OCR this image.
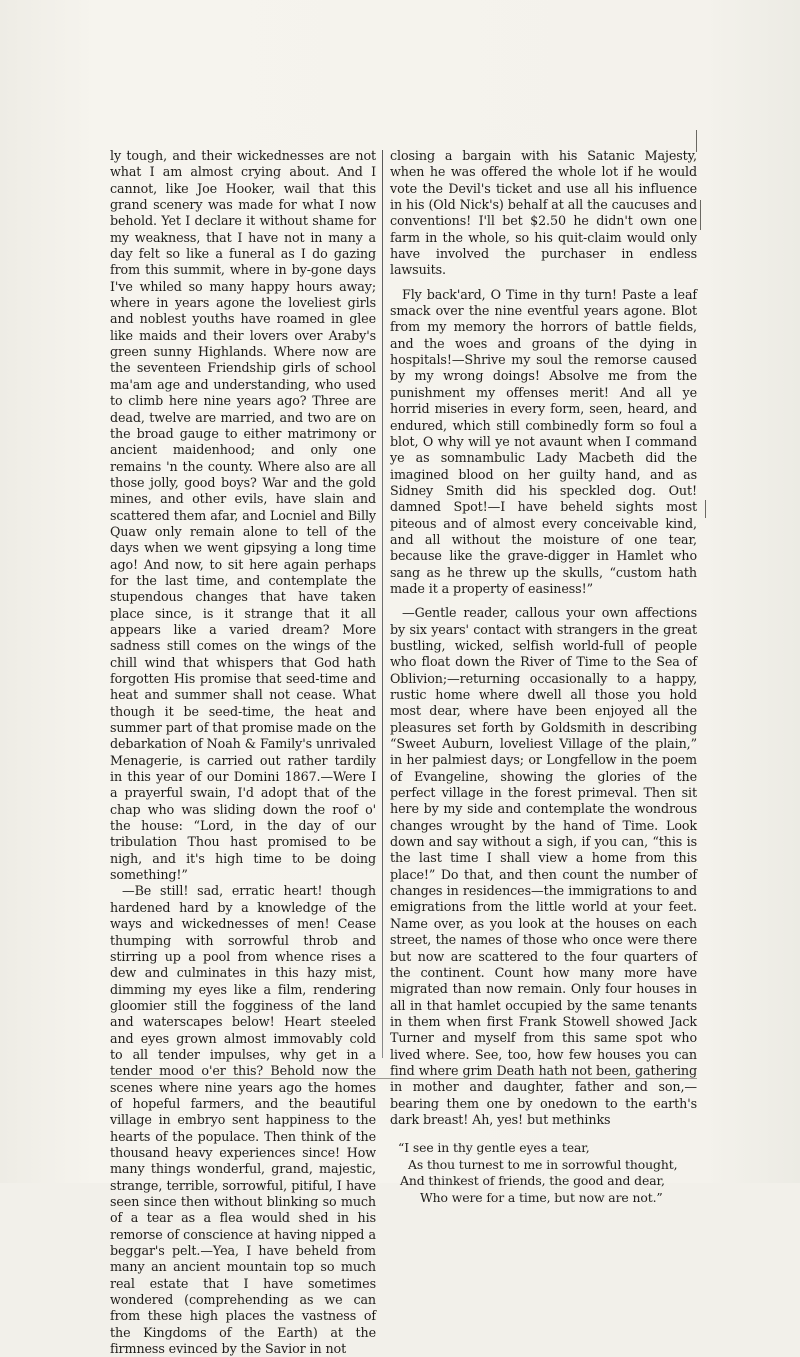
ly tough, and their wickednesses are not what I am almost crying about. And I cannot, like Joe Hooker, wail that this grand scenery was made for what I now behold. Yet I declare it without shame for my weakness, that I have not in many a day felt so like a funeral as I do gazing from this summit, where in by-gone days I've whiled so many happy hours away; where in years agone the loveliest girls and noblest youths have roamed in glee like maids and their lovers over Araby's green sunny Highlands. Where now are the seventeen Friendship girls of school ma'am age and understanding, who used to climb here nine years ago? Three are dead, twelve are married, and two are on the broad gauge to either matrimony or ancient maidenhood; and only one remains 'n the county. Where also are all those jolly, good boys? War and the gold mines, and other evils, have slain and scattered them afar, and Locniel and Billy Quaw only remain alone to tell of the days when we went gipsying a long time ago! And now, to sit here again perhaps for the last time, and contemplate the stupendous changes that have taken place since, is it strange that it all appears like a varied dream? More sadness still comes on the wings of the chill wind that whispers that God hath forgotten His promise that seed-time and heat and summer shall not cease. What though it be seed-time, the heat and summer part of that promise made on the debarkation of Noah & Family's unrivaled Menagerie, is carried out rather tardily in this year of our Domini 1867.—Were I a prayerful swain, I'd adopt that of the chap who was sliding down the roof o' the house: “Lord, in the day of our tribulation Thou hast promised to be nigh, and it's high time to be doing something!”

—Be still! sad, erratic heart! though hardened hard by a knowledge of the ways and wickednesses of men! Cease thumping with sorrowful throb and stirring up a pool from whence rises a dew and culminates in this hazy mist, dimming my eyes like a film, rendering gloomier still the fogginess of the land and waterscapes below! Heart steeled and eyes grown almost immovably cold to all tender impulses, why get in a tender mood o'er this? Behold now the scenes where nine years ago the homes of hopeful farmers, and the beautiful village in embryo sent happiness to the hearts of the populace. Then think of the thousand heavy experiences since! How many things wonderful, grand, majestic, strange, terrible, sorrowful, pitiful, I have seen since then without blinking so much of a tear as a flea would shed in his remorse of conscience at having nipped a beggar's pelt.—Yea, I have beheld from many an ancient mountain top so much real estate that I have sometimes wondered (comprehending as we can from these high places the vastness of the Kingdoms of the Earth) at the firmness evinced by the Savior in not

closing a bargain with his Satanic Majesty, when he was offered the whole lot if he would vote the Devil's ticket and use all his influence in his (Old Nick's) behalf at all the caucuses and conventions! I'll bet $2.50 he didn't own one farm in the whole, so his quit-claim would only have involved the purchaser in endless lawsuits.

Fly back'ard, O Time in thy turn! Paste a leaf smack over the nine eventful years agone. Blot from my memory the horrors of battle fields, and the woes and groans of the dying in hospitals!—Shrive my soul the remorse caused by my wrong doings! Absolve me from the punishment my offenses merit! And all ye horrid miseries in every form, seen, heard, and endured, which still combinedly form so foul a blot, O why will ye not avaunt when I command ye as somnambulic Lady Macbeth did the imagined blood on her guilty hand, and as Sidney Smith did his speckled dog. Out! damned Spot!—I have beheld sights most piteous and of almost every conceivable kind, and all without the moisture of one tear, because like the grave-digger in Hamlet who sang as he threw up the skulls, “custom hath made it a property of easiness!”

—Gentle reader, callous your own affections by six years' contact with strangers in the great bustling, wicked, selfish world-full of people who float down the River of Time to the Sea of Oblivion;—returning occasionally to a happy, rustic home where dwell all those you hold most dear, where have been enjoyed all the pleasures set forth by Goldsmith in describing “Sweet Auburn, loveliest Village of the plain,” in her palmiest days; or Longfellow in the poem of Evangeline, showing the glories of the perfect village in the forest primeval. Then sit here by my side and contemplate the wondrous changes wrought by the hand of Time. Look down and say without a sigh, if you can, “this is the last time I shall view a home from this place!” Do that, and then count the number of changes in residences—the immigrations to and emigrations from the little world at your feet. Name over, as you look at the houses on each street, the names of those who once were there but now are scattered to the four quarters of the continent. Count how many more have migrated than now remain. Only four houses in all in that hamlet occupied by the same tenants in them when first Frank Stowell showed Jack Turner and myself from this same spot who lived where. See, too, how few houses you can find where grim Death hath not been, gathering in mother and daughter, father and son,—bearing them one by onedown to the earth's dark breast! Ah, yes! but methinks

“I see in thy gentle eyes a tear,
As thou turnest to me in sorrowful thought,
And thinkest of friends, the good and dear,
Who were for a time, but now are not.”
